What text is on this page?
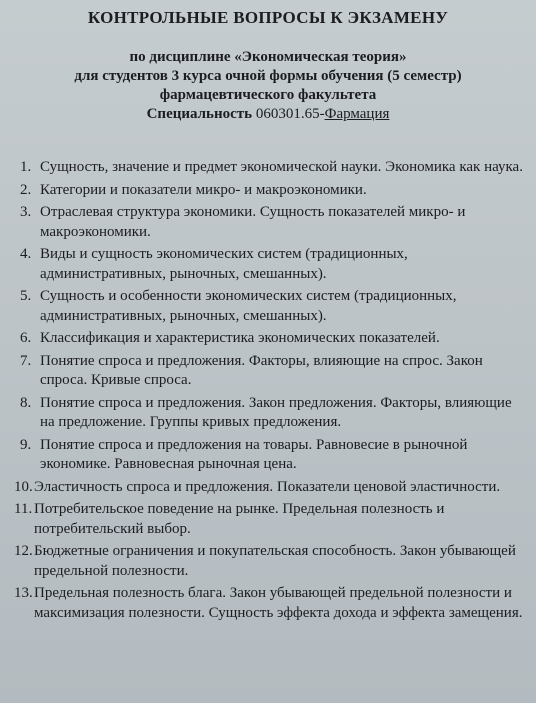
КОНТРОЛЬНЫЕ ВОПРОСЫ К ЭКЗАМЕНУ
по дисциплине «Экономическая теория»
для студентов 3 курса очной формы обучения (5 семестр)
фармацевтического факультета
Специальность 060301.65-Фармация
1. Сущность, значение и предмет экономической науки. Экономика как наука.
2. Категории и показатели микро- и макроэкономики.
3. Отраслевая структура экономики. Сущность показателей микро- и макроэкономики.
4. Виды и сущность экономических систем (традиционных, административных, рыночных, смешанных).
5. Сущность и особенности экономических систем (традиционных, административных, рыночных, смешанных).
6. Классификация и характеристика экономических показателей.
7. Понятие спроса и предложения. Факторы, влияющие на спрос. Закон спроса. Кривые спроса.
8. Понятие спроса и предложения. Закон предложения. Факторы, влияющие на предложение. Группы кривых предложения.
9. Понятие спроса и предложения на товары. Равновесие в рыночной экономике. Равновесная рыночная цена.
10. Эластичность спроса и предложения. Показатели ценовой эластичности.
11. Потребительское поведение на рынке. Предельная полезность и потребительский выбор.
12. Бюджетные ограничения и покупательская способность. Закон убывающей предельной полезности.
13. Предельная полезность блага. Закон убывающей предельной полезности и максимизация полезности. Сущность эффекта дохода и эффекта замещения.
